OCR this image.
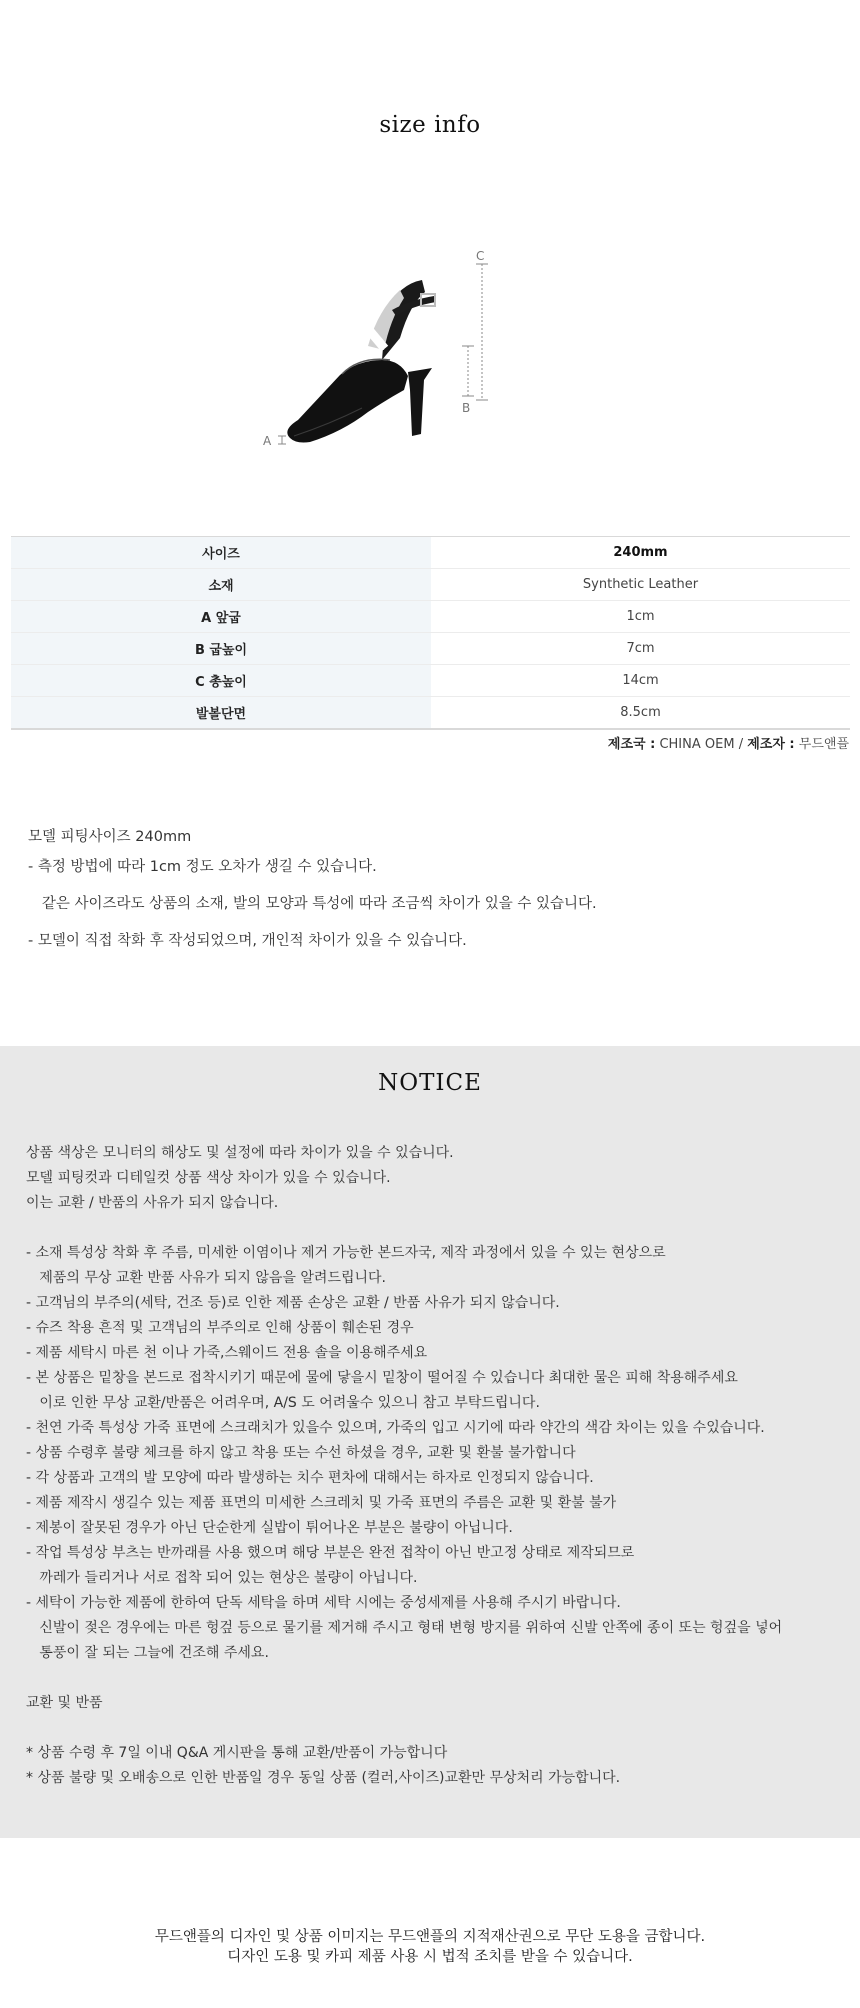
size info
C
B
A
사이즈	240mm
소재	Synthetic Leather
A 앞굽	1cm
B 굽높이	7cm
C 총높이	14cm
발볼단면	8.5cm
제조국 : CHINA OEM / 제조자 : 무드앤플

모델 피팅사이즈 240mm

- 측정 방법에 따라 1cm 정도 오차가 생길 수 있습니다.

같은 사이즈라도 상품의 소재, 발의 모양과 특성에 따라 조금씩 차이가 있을 수 있습니다.

- 모델이 직접 착화 후 작성되었으며, 개인적 차이가 있을 수 있습니다.

NOTICE

상품 색상은 모니터의 해상도 및 설정에 따라 차이가 있을 수 있습니다.

모델 피팅컷과 디테일컷 상품 색상 차이가 있을 수 있습니다.

이는 교환 / 반품의 사유가 되지 않습니다.

- 소재 특성상 착화 후 주름, 미세한 이염이나 제거 가능한 본드자국, 제작 과정에서 있을 수 있는 현상으로

제품의 무상 교환 반품 사유가 되지 않음을 알려드립니다.

- 고객님의 부주의(세탁, 건조 등)로 인한 제품 손상은 교환 / 반품 사유가 되지 않습니다.

- 슈즈 착용 흔적 및 고객님의 부주의로 인해 상품이 훼손된 경우

- 제품 세탁시 마른 천 이나 가죽,스웨이드 전용 솔을 이용해주세요

- 본 상품은 밑창을 본드로 접착시키기 때문에 물에 닿을시 밑창이 떨어질 수 있습니다 최대한 물은 피해 착용해주세요

이로 인한 무상 교환/반품은 어려우며, A/S 도 어려울수 있으니 참고 부탁드립니다.

- 천연 가죽 특성상 가죽 표면에 스크래치가 있을수 있으며, 가죽의 입고 시기에 따라 약간의 색감 차이는 있을 수있습니다.

- 상품 수령후 불량 체크를 하지 않고 착용 또는 수선 하셨을 경우, 교환 및 환불 불가합니다

- 각 상품과 고객의 발 모양에 따라 발생하는 치수 편차에 대해서는 하자로 인정되지 않습니다.

- 제품 제작시 생길수 있는 제품 표면의 미세한 스크레치 및 가죽 표면의 주름은 교환 및 환불 불가

- 제봉이 잘못된 경우가 아닌 단순한게 실밥이 튀어나온 부분은 불량이 아닙니다.

- 작업 특성상 부츠는 반까래를 사용 했으며 해당 부분은 완전 접착이 아닌 반고정 상태로 제작되므로

까레가 들리거나 서로 접착 되어 있는 현상은 불량이 아닙니다.

- 세탁이 가능한 제품에 한하여 단독 세탁을 하며 세탁 시에는 중성세제를 사용해 주시기 바랍니다.

신발이 젖은 경우에는 마른 헝겊 등으로 물기를 제거해 주시고 형태 변형 방지를 위하여 신발 안쪽에 종이 또는 헝겊을 넣어

통풍이 잘 되는 그늘에 건조해 주세요.

교환 및 반품

* 상품 수령 후 7일 이내 Q&A 게시판을 통해 교환/반품이 가능합니다

* 상품 불량 및 오배송으로 인한 반품일 경우 동일 상품 (컬러,사이즈)교환만 무상처리 가능합니다.

무드앤플의 디자인 및 상품 이미지는 무드앤플의 지적재산권으로 무단 도용을 금합니다.

디자인 도용 및 카피 제품 사용 시 법적 조치를 받을 수 있습니다.
